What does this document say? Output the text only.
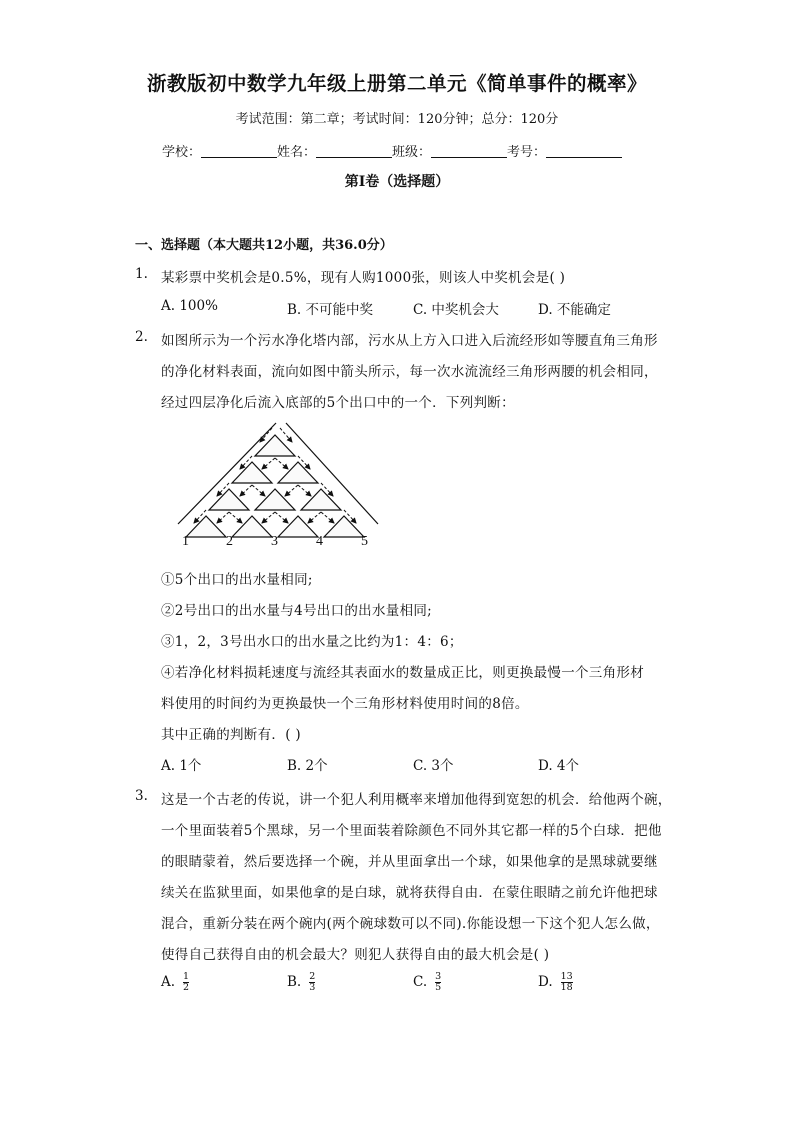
浙教版初中数学九年级上册第二单元《简单事件的概率》
考试范围：第二章；考试时间：120分钟；总分：120分
学校：	姓名：	班级：	考号：
第I卷（选择题）
一、选择题（本大题共12小题，共36.0分）
1. 某彩票中奖机会是0.5%，现有人购1000张，则该人中奖机会是( )
A. 100%	B. 不可能中奖	C. 中奖机会大	D. 不能确定
2. 如图所示为一个污水净化塔内部，污水从上方入口进入后流经形如等腰直角三角形
的净化材料表面，流向如图中箭头所示，每一次水流流经三角形两腰的机会相同，
经过四层净化后流入底部的5个出口中的一个．下列判断：
1	2	3	4	5
①5个出口的出水量相同;
②2号出口的出水量与4号出口的出水量相同;
③1，2，3号出水口的出水量之比约为1：4：6；
④若净化材料损耗速度与流经其表面水的数量成正比，则更换最慢一个三角形材
料使用的时间约为更换最快一个三角形材料使用时间的8倍。
其中正确的判断有．( )
A. 1个	B. 2个	C. 3个	D. 4个
3. 这是一个古老的传说，讲一个犯人利用概率来增加他得到宽恕的机会．给他两个碗，
一个里面装着5个黑球，另一个里面装着除颜色不同外其它都一样的5个白球．把他
的眼睛蒙着，然后要选择一个碗，并从里面拿出一个球，如果他拿的是黑球就要继
续关在监狱里面，如果他拿的是白球，就将获得自由．在蒙住眼睛之前允许他把球
混合，重新分装在两个碗内(两个碗球数可以不同).你能设想一下这个犯人怎么做，
使得自己获得自由的机会最大？则犯人获得自由的最大机会是( )
A. $\frac{1}{2}$	B. $\frac{2}{3}$	C. $\frac{3}{5}$	D. $\frac{13}{18}$
